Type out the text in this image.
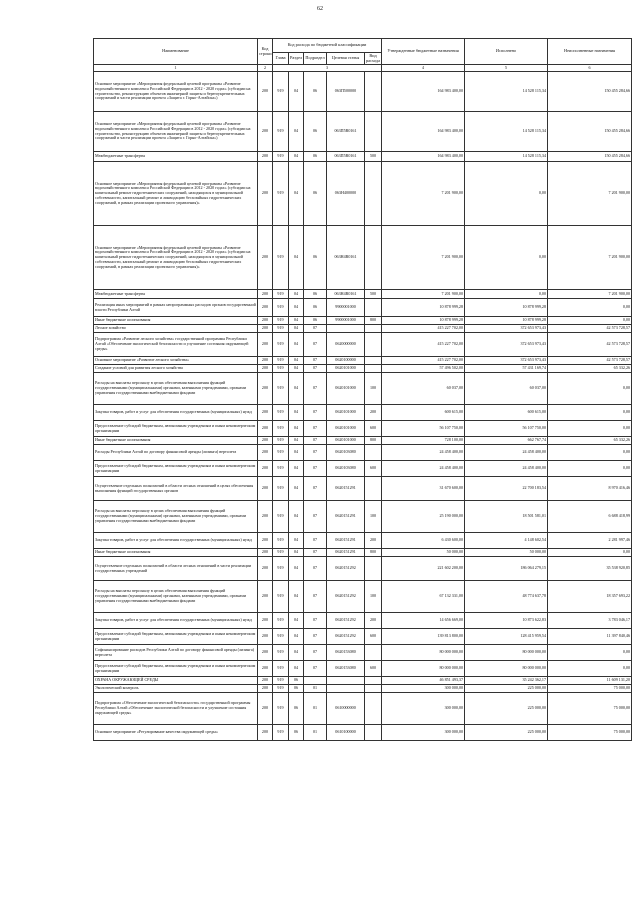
62
Наименование	Код строки	Код расхода по бюджетной классификации					Утвержденные бюджетные назначения	Исполнено	Неисполненные назначения
		Глава	Раздел	Подраздел	Целевая статья	Вид расхода			
1	2	3					4	5	6
Основное мероприятие «Мероприятия федеральной целевой программы «Развитие водохозяйственного комплекса Российской Федерации в 2012 - 2020 годах» (субсидии на строительство, реконструкцию объектов инженерной защиты и берегоукрепительных сооружений и части реализации проекта «Защита г. Горно-Алтайска»)	200	919	04	06	063П500000		164 983 400,00	14 528 115,34	150 455 284,66
Основное мероприятие «Мероприятия федеральной целевой программы «Развитие водохозяйственного комплекса Российской Федерации в 2012 - 2020 годах» (субсидии на строительство, реконструкцию объектов инженерной защиты и берегоукрепительных сооружений и части реализации проекта «Защита г. Горно-Алтайска»)	200	919	04	06	063П5R0161		164 983 400,00	14 528 115,34	150 455 284,66
Межбюджетные трансферты	200	919	04	06	063П5R0161	500	164 983 400,00	14 528 115,34	150 455 284,66
Основное мероприятие «Мероприятия федеральной целевой программы «Развитие водохозяйственного комплекса Российской Федерации в 2012 - 2020 годах» (субсидии на капитальный ремонт гидротехнических сооружений, находящихся в муниципальной собственности, капитальный ремонт и ликвидацию бесхозяйных гидротехнических сооружений, в рамках реализации проектного управления)»	200	919	04	06	063Н400000		7 201 900,00	0,00	7 201 900,00
Основное мероприятие «Мероприятия федеральной целевой программы «Развитие водохозяйственного комплекса Российской Федерации в 2012 - 2020 годах» (субсидии на капитальный ремонт гидротехнических сооружений, находящихся в муниципальной собственности, капитальный ремонт и ликвидацию бесхозяйных гидротехнических сооружений, в рамках реализации проектного управления)»	200	919	04	06	063Н4R0161		7 201 900,00	0,00	7 201 900,00
Межбюджетные трансферты	200	919	04	06	063Н4R0161	500	7 201 900,00	0,00	7 201 900,00
Реализация иных мероприятий в рамках непрограммных расходов органов государственной власти Республики Алтай	200	919	04	06	9900001000		10 878 999,28	10 878 999,28	0,00
Иные бюджетные ассигнования	200	919	04	06	9900001000	800	10 878 999,28	10 878 999,28	0,00
Лесное хозяйство	200	919	04	07			415 227 702,00	372 653 973,43	42 573 728,57
Подпрограмма «Развитие лесного хозяйства» государственной программы Республики Алтай «Обеспечение экологической безопасности и улучшение состояния окружающей среды»	200	919	04	07	0620000000		415 227 702,00	372 653 973,43	42 573 728,57
Основное мероприятие «Развитие лесного хозяйства»	200	919	04	07	0620100000		415 227 702,00	372 653 973,43	42 573 728,57
Создание условий для развития лесного хозяйства	200	919	04	07	0620101000		57 496 502,00	57 431 169,74	65 332,26
Расходы на выплаты персоналу в целях обеспечения выполнения функций государственными (муниципальными) органами, казенными учреждениями, органами управления государственными внебюджетными фондами	200	919	04	07	0620101000	100	60 037,00	60 037,00	0,00
Закупка товаров, работ и услуг для обеспечения государственных (муниципальных) нужд	200	919	04	07	0620101000	200	600 615,00	600 615,00	0,00
Предоставление субсидий бюджетным, автономным учреждениям и иным некоммерческим организациям	200	919	04	07	0620101000	600	56 107 750,00	56 107 750,00	0,00
Иные бюджетные ассигнования	200	919	04	07	0620101000	800	728 100,00	662 767,74	65 332,26
Расходы Республики Алтай по договору финансовой аренды (лизинга) вертолета	200	919	04	07	0620103080		24 458 400,00	24 458 400,00	0,00
Предоставление субсидий бюджетным, автономным учреждениям и иным некоммерческим организациям	200	919	04	07	0620103080	600	24 458 400,00	24 458 400,00	0,00
Осуществление отдельных полномочий в области лесных отношений в целях обеспечения выполнения функций государственных органов	200	919	04	07	0620151291		31 670 600,00	22 700 183,54	8 970 416,46
Расходы на выплаты персоналу в целях обеспечения выполнения функций государственными (муниципальными) органами, казенными учреждениями, органами управления государственными внебюджетными фондами	200	919	04	07	0620151291	100	25 190 000,00	18 501 581,01	6 688 418,99
Закупка товаров, работ и услуг для обеспечения государственных (муниципальных) нужд	200	919	04	07	0620151291	200	6 430 600,00	4 148 602,54	2 281 997,46
Иные бюджетные ассигнования	200	919	04	07	0620151291	800	50 000,00	50 000,00	0,00
Осуществление отдельных полномочий в области лесных отношений в части реализации государственных учреждений	200	919	04	07	0620151292		221 602 200,00	186 064 279,15	35 538 920,85
Расходы на выплаты персоналу в целях обеспечения выполнения функций государственными (муниципальными) органами, казенными учреждениями, органами управления государственными внебюджетными фондами	200	919	04	07	0620151292	100	67 132 331,00	48 774 637,78	18 357 693,22
Закупка товаров, работ и услуг для обеспечения государственных (муниципальных) нужд	200	919	04	07	0620151292	200	14 656 669,00	10 873 622,83	3 783 046,17
Предоставление субсидий бюджетным, автономным учреждениям и иным некоммерческим организациям	200	919	04	07	0620151292	600	139 813 800,00	128 415 959,54	11 397 840,46
Софинансирование расходов Республики Алтай по договору финансовой аренды (лизинга) вертолета	200	919	04	07	0620153080		80 000 000,00	80 000 000,00	0,00
Предоставление субсидий бюджетным, автономным учреждениям и иным некоммерческим организациям	200	919	04	07	0620153080	600	80 000 000,00	80 000 000,00	0,00
ОХРАНА ОКРУЖАЮЩЕЙ СРЕДЫ	200	919	06				46 851 493,37	35 242 362,17	11 609 131,20
Экологический контроль	200	919	06	01			300 000,00	225 000,00	75 000,00
Подпрограмма «Обеспечение экологической безопасности» государственной программы Республики Алтай «Обеспечение экологической безопасности и улучшение состояния окружающей среды»	200	919	06	01	0610000000		300 000,00	225 000,00	75 000,00
Основное мероприятие «Регулирование качества окружающей среды»	200	919	06	01	0610100000		300 000,00	225 000,00	75 000,00
